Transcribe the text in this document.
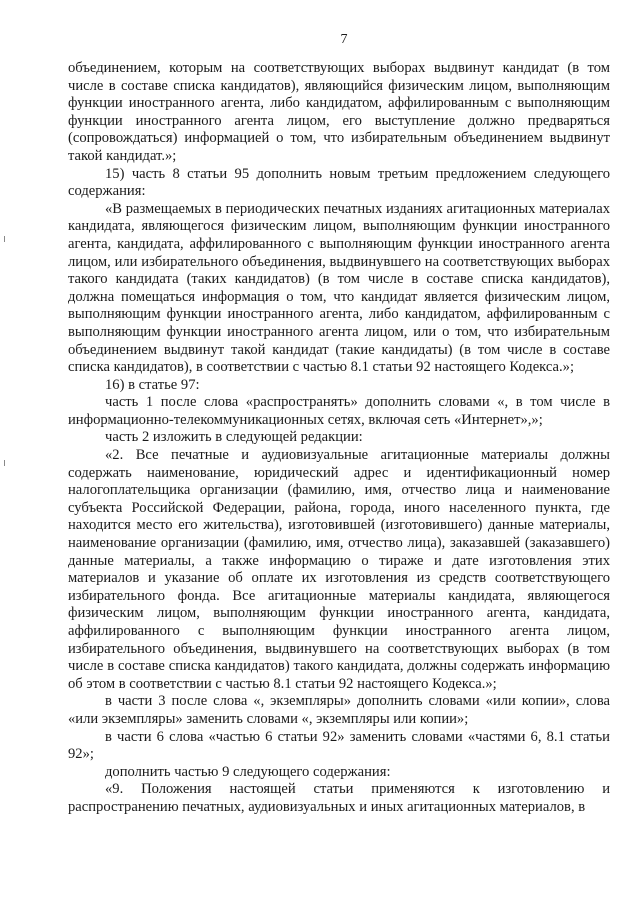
7

объединением, которым на соответствующих выборах выдвинут кандидат (в том числе в составе списка кандидатов), являющийся физическим лицом, выполняющим функции иностранного агента, либо кандидатом, аффилированным с выполняющим функции иностранного агента лицом, его выступление должно предваряться (сопровождаться) информацией о том, что избирательным объединением выдвинут такой кандидат.»;

15) часть 8 статьи 95 дополнить новым третьим предложением следующего содержания:

«В размещаемых в периодических печатных изданиях агитационных материалах кандидата, являющегося физическим лицом, выполняющим функции иностранного агента, кандидата, аффилированного с выполняющим функции иностранного агента лицом, или избирательного объединения, выдвинувшего на соответствующих выборах такого кандидата (таких кандидатов) (в том числе в составе списка кандидатов), должна помещаться информация о том, что кандидат является физическим лицом, выполняющим функции иностранного агента, либо кандидатом, аффилированным с выполняющим функции иностранного агента лицом, или о том, что избирательным объединением выдвинут такой кандидат (такие кандидаты) (в том числе в составе списка кандидатов), в соответствии с частью 8.1 статьи 92 настоящего Кодекса.»;

16) в статье 97:

часть 1 после слова «распространять» дополнить словами «, в том числе в информационно-телекоммуникационных сетях, включая сеть «Интернет»,»;

часть 2 изложить в следующей редакции:

«2. Все печатные и аудиовизуальные агитационные материалы должны содержать наименование, юридический адрес и идентификационный номер налогоплательщика организации (фамилию, имя, отчество лица и наименование субъекта Российской Федерации, района, города, иного населенного пункта, где находится место его жительства), изготовившей (изготовившего) данные материалы, наименование организации (фамилию, имя, отчество лица), заказавшей (заказавшего) данные материалы, а также информацию о тираже и дате изготовления этих материалов и указание об оплате их изготовления из средств соответствующего избирательного фонда. Все агитационные материалы кандидата, являющегося физическим лицом, выполняющим функции иностранного агента, кандидата, аффилированного с выполняющим функции иностранного агента лицом, избирательного объединения, выдвинувшего на соответствующих выборах (в том числе в составе списка кандидатов) такого кандидата, должны содержать информацию об этом в соответствии с частью 8.1 статьи 92 настоящего Кодекса.»;

в части 3 после слова «, экземпляры» дополнить словами «или копии», слова «или экземпляры» заменить словами «, экземпляры или копии»;

в части 6 слова «частью 6 статьи 92» заменить словами «частями 6, 8.1 статьи 92»;

дополнить частью 9 следующего содержания:

«9. Положения настоящей статьи применяются к изготовлению и распространению печатных, аудиовизуальных и иных агитационных материалов, в
